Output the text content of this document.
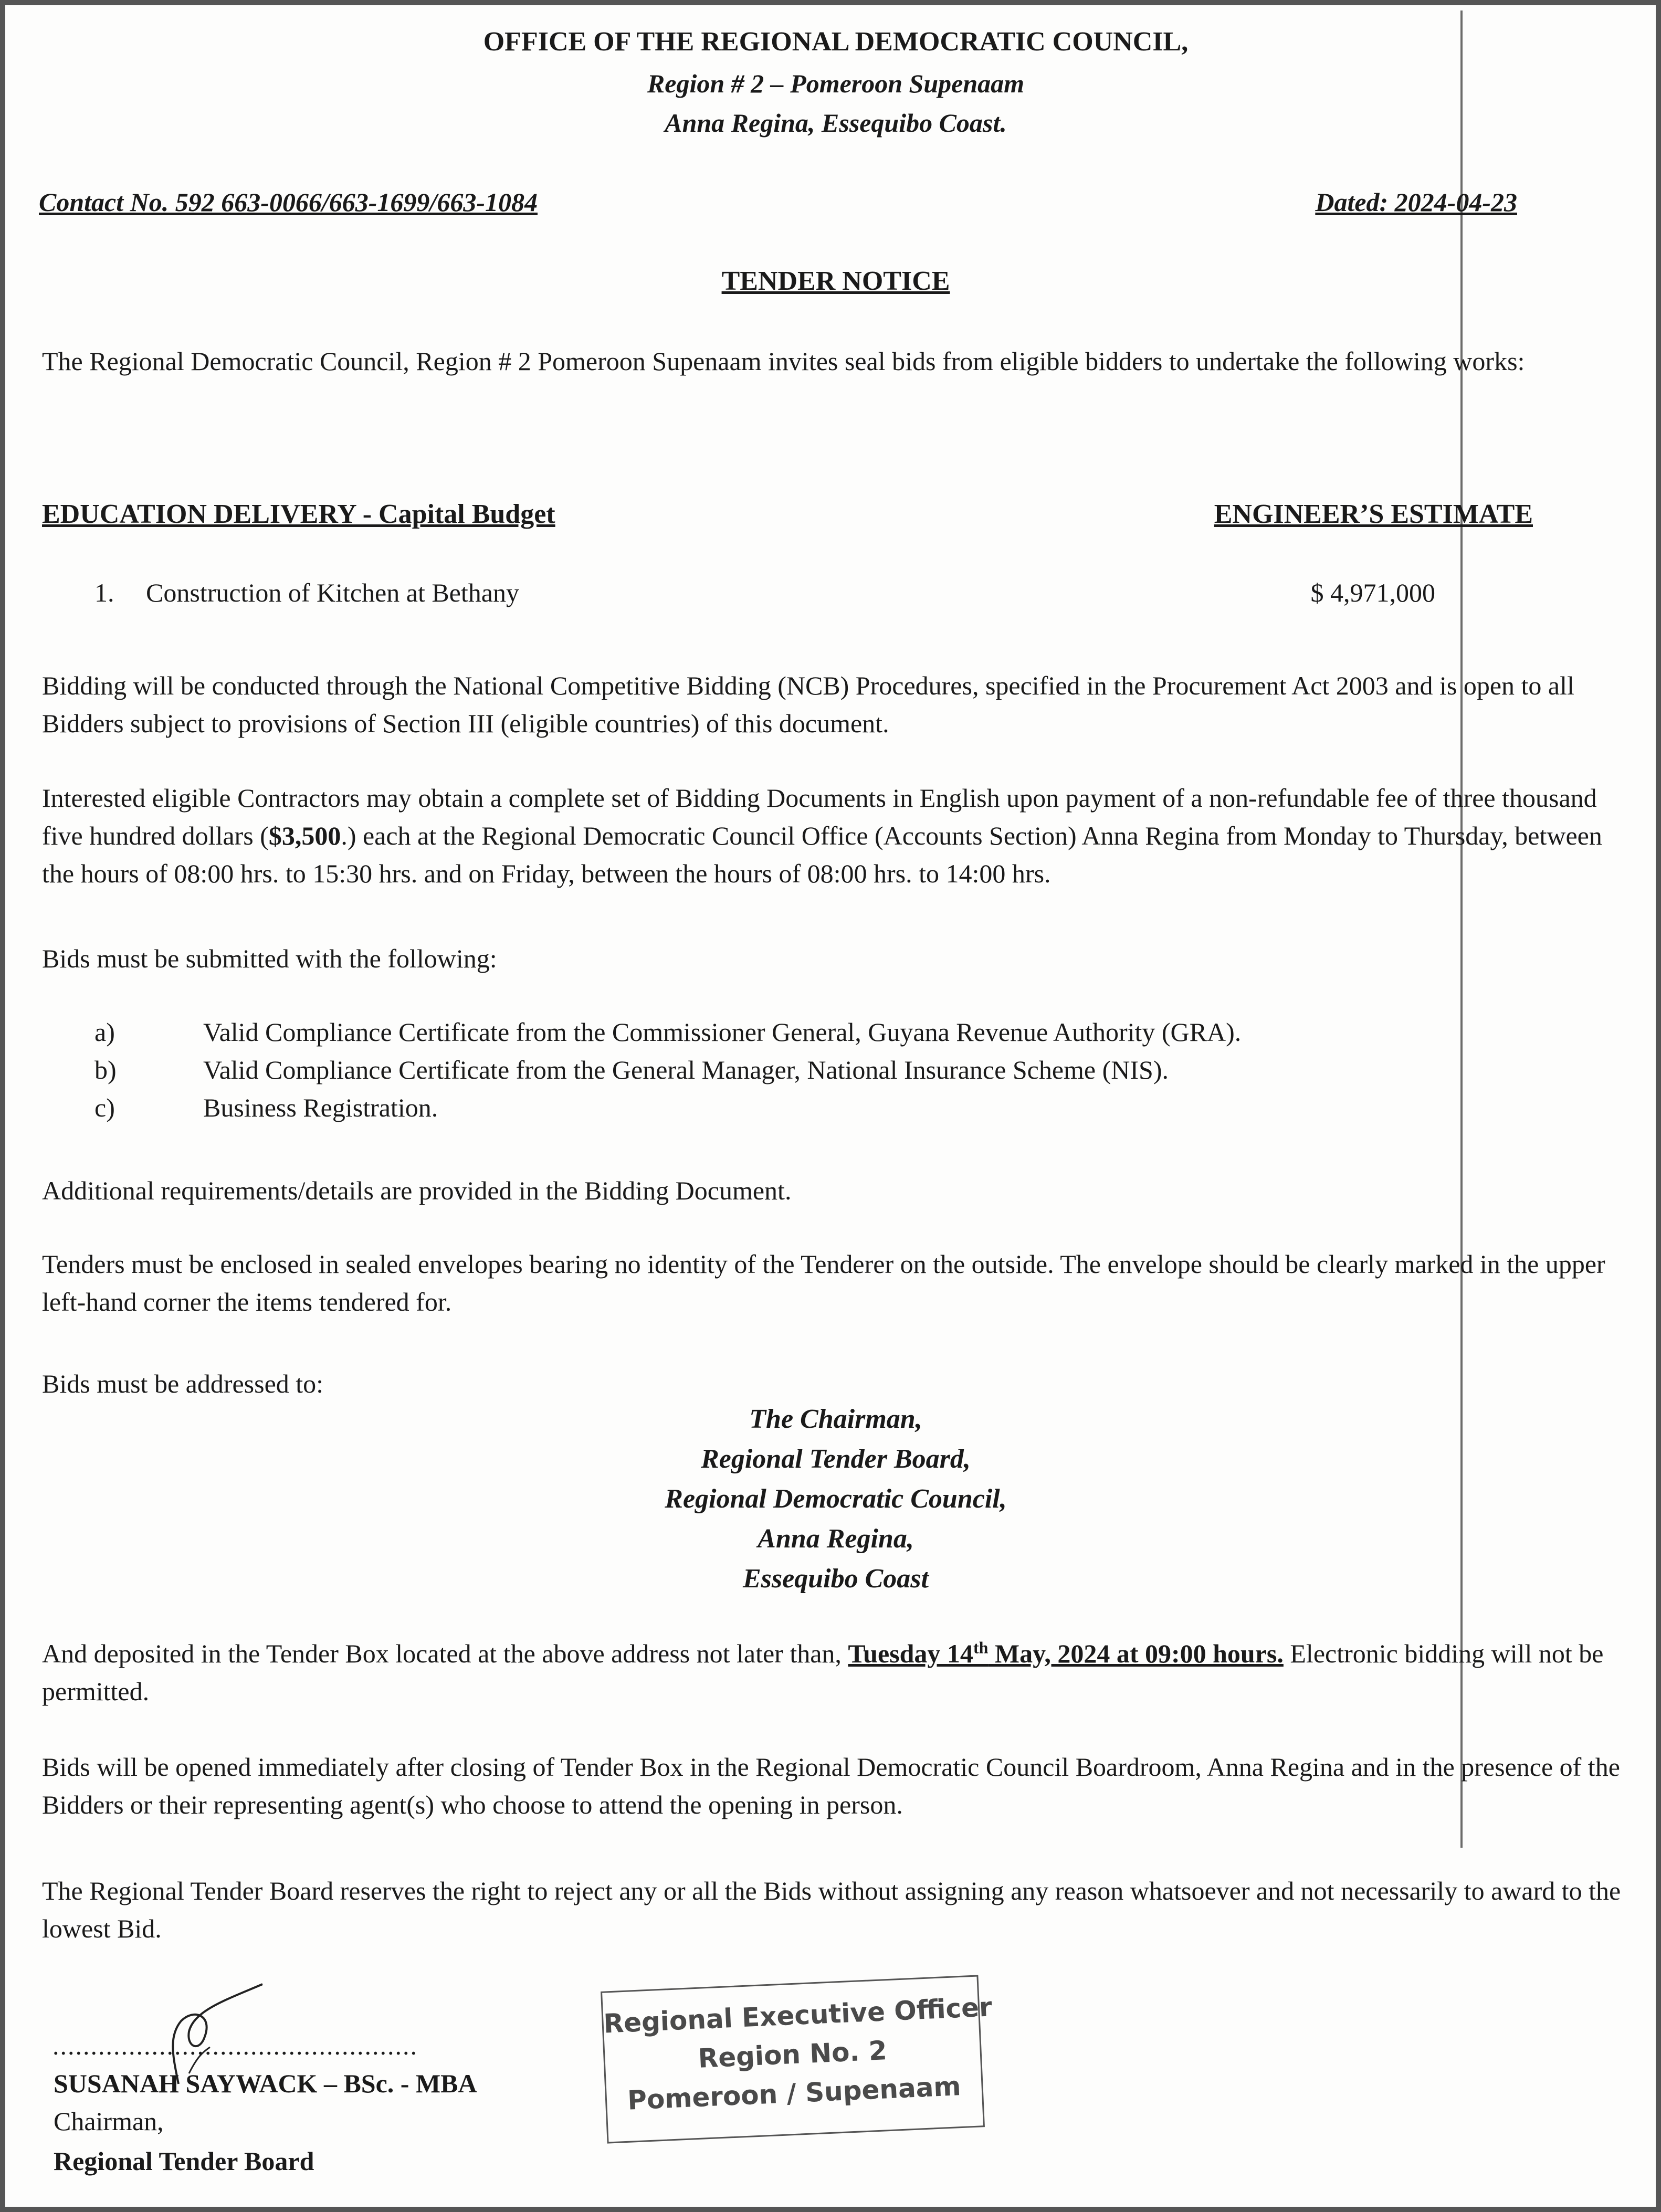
OFFICE OF THE REGIONAL DEMOCRATIC COUNCIL,
Region # 2 – Pomeroon Supenaam
Anna Regina, Essequibo Coast.
Contact No. 592 663-0066/663-1699/663-1084	Dated: 2024-04-23
TENDER NOTICE
The Regional Democratic Council, Region # 2 Pomeroon Supenaam invites seal bids from eligible bidders to undertake the following works:
EDUCATION DELIVERY - Capital Budget	ENGINEER’S ESTIMATE
1. Construction of Kitchen at Bethany	$ 4,971,000
Bidding will be conducted through the National Competitive Bidding (NCB) Procedures, specified in the Procurement Act 2003 and is open to all Bidders subject to provisions of Section III (eligible countries) of this document.
Interested eligible Contractors may obtain a complete set of Bidding Documents in English upon payment of a non-refundable fee of three thousand five hundred dollars ($3,500.) each at the Regional Democratic Council Office (Accounts Section) Anna Regina from Monday to Thursday, between the hours of 08:00 hrs. to 15:30 hrs. and on Friday, between the hours of 08:00 hrs. to 14:00 hrs.
Bids must be submitted with the following:
a)	Valid Compliance Certificate from the Commissioner General, Guyana Revenue Authority (GRA).
b)	Valid Compliance Certificate from the General Manager, National Insurance Scheme (NIS).
c)	Business Registration.
Additional requirements/details are provided in the Bidding Document.
Tenders must be enclosed in sealed envelopes bearing no identity of the Tenderer on the outside. The envelope should be clearly marked in the upper left-hand corner the items tendered for.
Bids must be addressed to:
The Chairman,
Regional Tender Board,
Regional Democratic Council,
Anna Regina,
Essequibo Coast
And deposited in the Tender Box located at the above address not later than, Tuesday 14th May, 2024 at 09:00 hours. Electronic bidding will not be permitted.
Bids will be opened immediately after closing of Tender Box in the Regional Democratic Council Boardroom, Anna Regina and in the presence of the Bidders or their representing agent(s) who choose to attend the opening in person.
The Regional Tender Board reserves the right to reject any or all the Bids without assigning any reason whatsoever and not necessarily to award to the lowest Bid.
................................................
SUSANAH SAYWACK – BSc. - MBA
Chairman,
Regional Tender Board
Regional Executive Officer
Region No. 2
Pomeroon / Supenaam
